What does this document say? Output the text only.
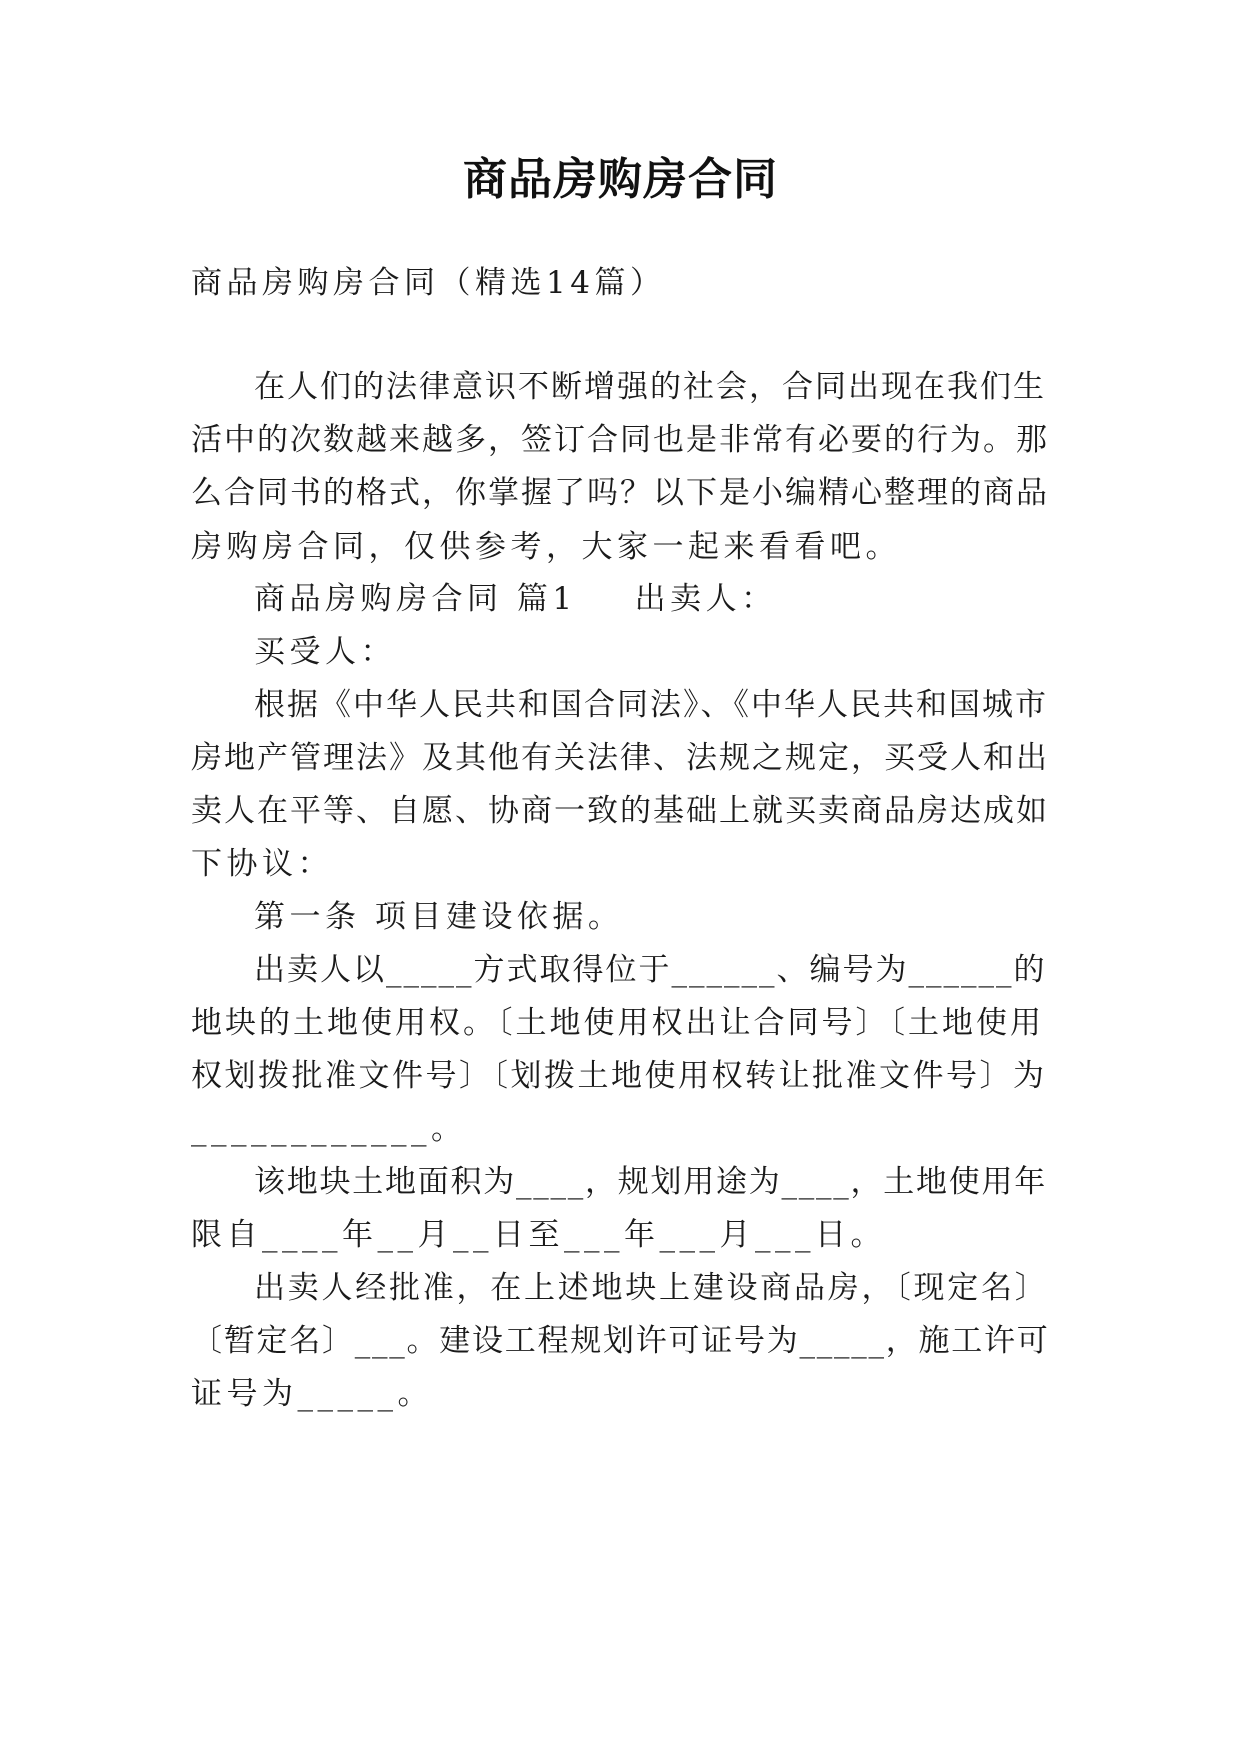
商品房购房合同
商品房购房合同（精选14篇）
在人们的法律意识不断增强的社会，合同出现在我们生
活中的次数越来越多，签订合同也是非常有必要的行为。那
么合同书的格式，你掌握了吗？以下是小编精心整理的商品
房购房合同，仅供参考，大家一起来看看吧。
商品房购房合同 篇1 出卖人：
买受人：
根据《中华人民共和国合同法》、《中华人民共和国城市
房地产管理法》及其他有关法律、法规之规定，买受人和出
卖人在平等、自愿、协商一致的基础上就买卖商品房达成如
下协议：
第一条 项目建设依据。
出卖人以_____方式取得位于______、编号为______的
地块的土地使用权。〔土地使用权出让合同号〕〔土地使用
权划拨批准文件号〕〔划拨土地使用权转让批准文件号〕为
____________。
该地块土地面积为____，规划用途为____，土地使用年
限自____年__月__日至___年___月___日。
出卖人经批准，在上述地块上建设商品房，〔现定名〕
〔暂定名〕___。建设工程规划许可证号为_____，施工许可
证号为_____。
